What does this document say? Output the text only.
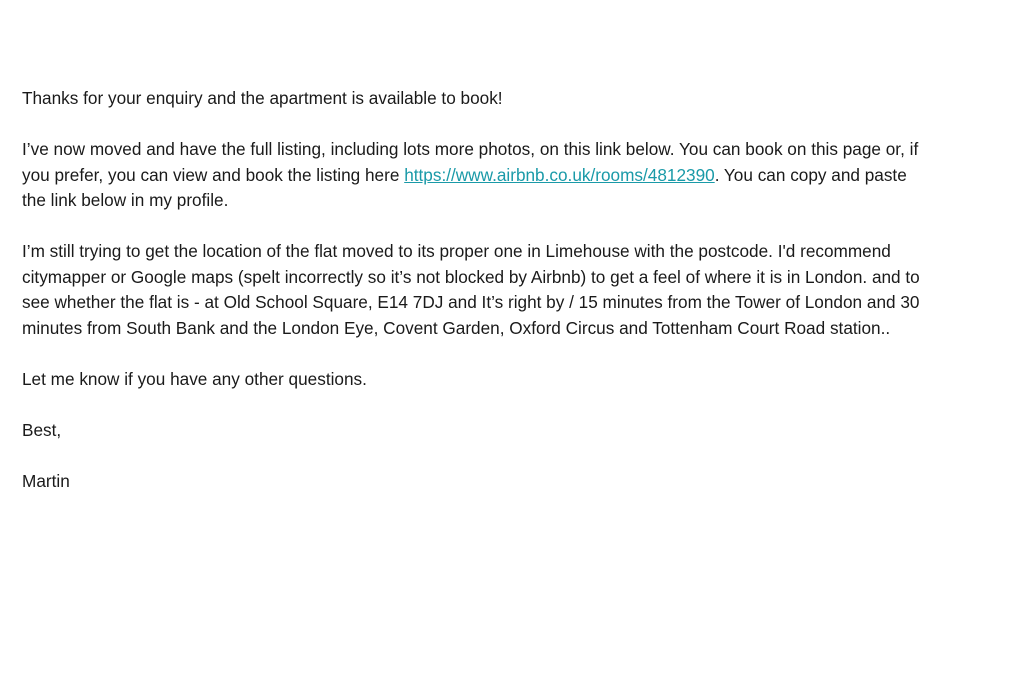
Thanks for your enquiry and the apartment is available to book!

I’ve now moved and have the full listing, including lots more photos, on this link below. You can book on this page or, if you prefer, you can view and book the listing here https://www.airbnb.co.uk/rooms/4812390. You can copy and paste the link below in my profile.

I’m still trying to get the location of the flat moved to its proper one in Limehouse with the postcode. I'd recommend citymapper or Google maps (spelt incorrectly so it’s not blocked by Airbnb) to get a feel of where it is in London. and to see whether the flat is - at Old School Square, E14 7DJ and It’s right by / 15 minutes from the Tower of London and 30 minutes from South Bank and the London Eye, Covent Garden, Oxford Circus and Tottenham Court Road station..

Let me know if you have any other questions.

Best,

Martin
